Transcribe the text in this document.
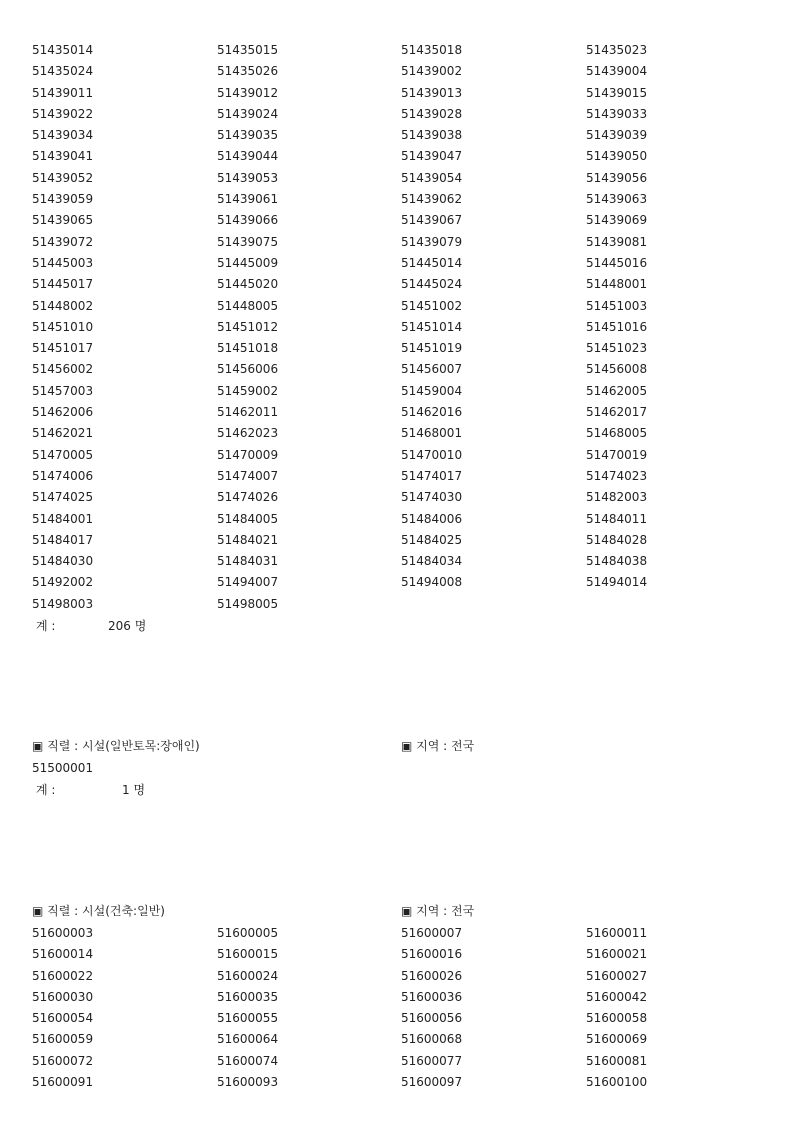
51435014	51435015	51435018	51435023
51435024	51435026	51439002	51439004
51439011	51439012	51439013	51439015
51439022	51439024	51439028	51439033
51439034	51439035	51439038	51439039
51439041	51439044	51439047	51439050
51439052	51439053	51439054	51439056
51439059	51439061	51439062	51439063
51439065	51439066	51439067	51439069
51439072	51439075	51439079	51439081
51445003	51445009	51445014	51445016
51445017	51445020	51445024	51448001
51448002	51448005	51451002	51451003
51451010	51451012	51451014	51451016
51451017	51451018	51451019	51451023
51456002	51456006	51456007	51456008
51457003	51459002	51459004	51462005
51462006	51462011	51462016	51462017
51462021	51462023	51468001	51468005
51470005	51470009	51470010	51470019
51474006	51474007	51474017	51474023
51474025	51474026	51474030	51482003
51484001	51484005	51484006	51484011
51484017	51484021	51484025	51484028
51484030	51484031	51484034	51484038
51492002	51494007	51494008	51494014
51498003	51498005
계 :	206 명
▣ 직렬 : 시설(일반토목:장애인)	▣ 지역 : 전국
51500001
계 :	1 명
▣ 직렬 : 시설(건축:일반)	▣ 지역 : 전국
51600003	51600005	51600007	51600011
51600014	51600015	51600016	51600021
51600022	51600024	51600026	51600027
51600030	51600035	51600036	51600042
51600054	51600055	51600056	51600058
51600059	51600064	51600068	51600069
51600072	51600074	51600077	51600081
51600091	51600093	51600097	51600100
